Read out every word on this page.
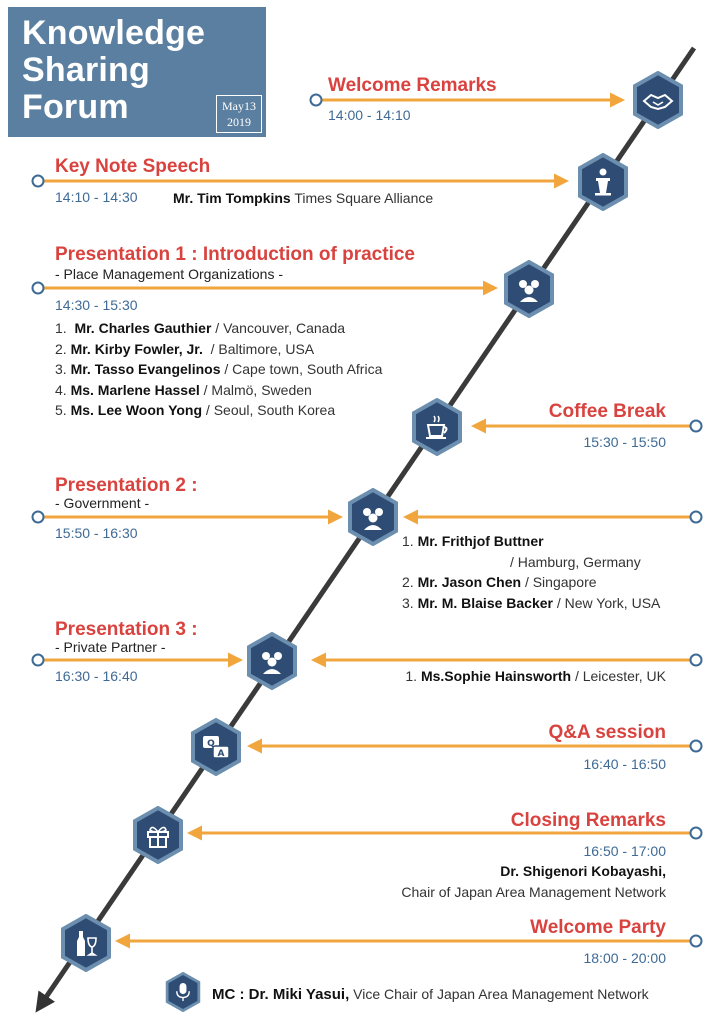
Knowledge
Sharing
Forum	May13
2019
Welcome Remarks
14:00 - 14:10
Key Note Speech
14:10 - 14:30	Mr. Tim Tompkins Times Square Alliance
Presentation 1 : Introduction of practice
- Place Management Organizations -
14:30 - 15:30
1. Mr. Charles Gauthier / Vancouver, Canada
2. Mr. Kirby Fowler, Jr. / Baltimore, USA
3. Mr. Tasso Evangelinos / Cape town, South Africa
4. Ms. Marlene Hassel / Malmö, Sweden
5. Ms. Lee Woon Yong / Seoul, South Korea	Coffee Break
15:30 - 15:50
Presentation 2 :
- Government -
15:50 - 16:30	1. Mr. Frithjof Buttner
/ Hamburg, Germany
2. Mr. Jason Chen / Singapore
3. Mr. M. Blaise Backer / New York, USA
Presentation 3 :
- Private Partner -
16:30 - 16:40	1. Ms.Sophie Hainsworth / Leicester, UK
Q&A session
16:40 - 16:50
Closing Remarks
16:50 - 17:00
Dr. Shigenori Kobayashi,
Chair of Japan Area Management Network
Welcome Party
18:00 - 20:00
MC : Dr. Miki Yasui, Vice Chair of Japan Area Management Network
Q
A
